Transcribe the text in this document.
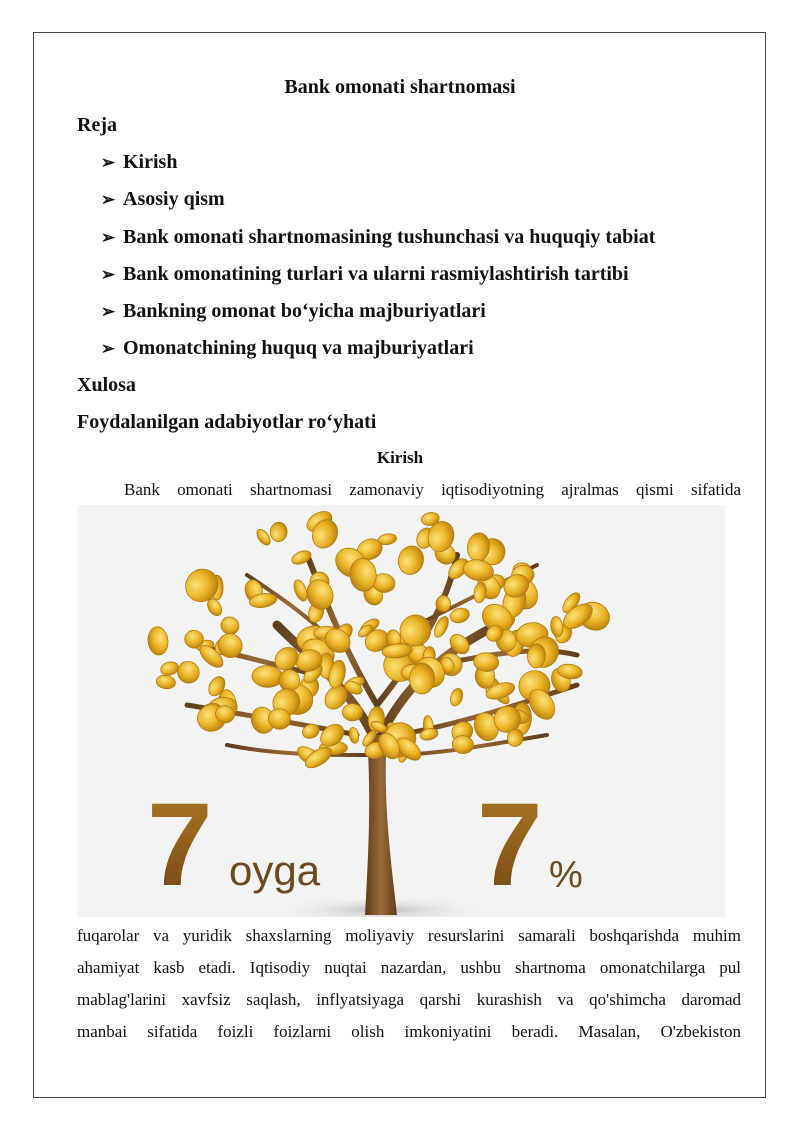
Bank omonati shartnomasi
Reja
➢ Kirish
➢ Asosiy qism
➢ Bank omonati shartnomasining tushunchasi va huquqiy tabiat
➢ Bank omonatining turlari va ularni rasmiylashtirish tartibi
➢ Bankning omonat bo‘yicha majburiyatlari
➢ Omonatchining huquq va majburiyatlari
Xulosa
Foydalanilgan adabiyotlar ro‘yhati
Kirish
Bank omonati shartnomasi zamonaviy iqtisodiyotning ajralmas qismi sifatida
7 oyga 7 %
fuqarolar va yuridik shaxslarning moliyaviy resurslarini samarali boshqarishda muhim
ahamiyat kasb etadi. Iqtisodiy nuqtai nazardan, ushbu shartnoma omonatchilarga pul
mablag'larini xavfsiz saqlash, inflyatsiyaga qarshi kurashish va qo'shimcha daromad
manbai sifatida foizli foizlarni olish imkoniyatini beradi. Masalan, O'zbekiston
